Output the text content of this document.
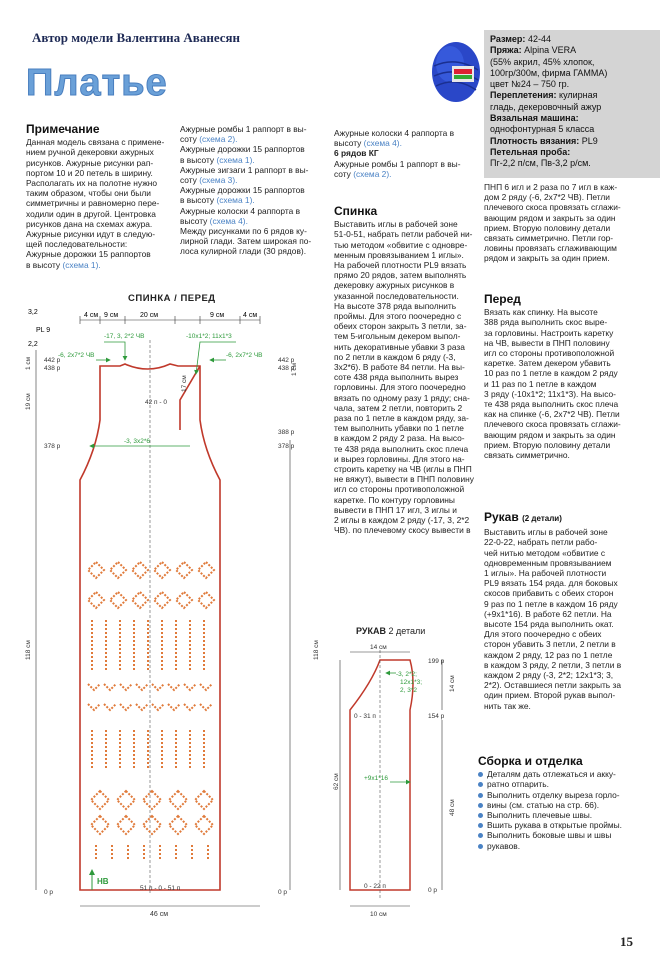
Автор модели Валентина Аванесян
Платье
Размер: 42-44
Пряжа: Alpina VERA
(55% акрил, 45% хлопок,
100гр/300м, фирма ГАММА)
цвет №24 – 750 гр.
Переплетения: кулирная
гладь, декеровочный ажур
Вязальная машина:
однофонтурная 5 класса
Плотность вязания: PL9
Петельная проба:
Пг-2,2 п/см, Пв-3,2 р/см.
Примечание

Данная модель связана с примене-

нием ручной декеровки ажурных

рисунков. Ажурные рисунки рап-

портом 10 и 20 петель в ширину.

Располагать их на полотне нужно

таким образом, чтобы они были

симметричны и равномерно пере-

ходили один в другой. Центровка

рисунков дана на схемах ажура.

Ажурные рисунки идут в следую-

щей последовательности:

Ажурные дорожки 15 раппортов

в высоту (схема 1).

Ажурные ромбы 1 раппорт в вы-

соту (схема 2).

Ажурные дорожки 15 раппортов

в высоту (схема 1).

Ажурные зигзаги 1 раппорт в вы-

соту (схема 3).

Ажурные дорожки 15 раппортов

в высоту (схема 1).

Ажурные колоски 4 раппорта в

высоту (схема 4).

Между рисунками по 6 рядов ку-

лирной глади. Затем широкая по-

лоса кулирной глади (30 рядов).

Ажурные колоски 4 раппорта в

высоту (схема 4).

6 рядов КГ

Ажурные ромбы 1 раппорт в вы-

соту (схема 2).

Спинка

Выставить иглы в рабочей зоне

51-0-51, набрать петли рабочей ни-

тью методом «обвитие с одновре-

менным провязыванием 1 иглы».

На рабочей плотности PL9 вязать

прямо 20 рядов, затем выполнять

декеровку ажурных рисунков в

указанной последовательности.

На высоте 378 ряда выполнить

проймы. Для этого поочередно с

обеих сторон закрыть 3 петли, за-

тем 5-игольным декером выпол-

нить декоративные убавки 3 раза

по 2 петли в каждом 6 ряду (-3,

3х2*6). В работе 84 петли. На вы-

соте 438 ряда выполнить вырез

горловины. Для этого поочередно

вязать по одному разу 1 ряду; сна-

чала, затем 2 петли, повторить 2

раза по 1 петле в каждом ряду, за-

тем выполнить убавки по 1 петле

в каждом 2 ряду 2 раза. На высо-

те 438 ряда выполнить скос плеча

и вырез горловины. Для этого на-

строить каретку на ЧВ (иглы в ПНП

не вяжут), вывести в ПНП половину

игл со стороны противоположной

каретке. По контуру горловины

вывести в ПНП 17 игл, 3 иглы и

2 иглы в каждом 2 ряду (-17, 3, 2*2

ЧВ). по плечевому скосу вывести в

ПНП 6 игл и 2 раза по 7 игл в каж-

дом 2 ряду (-6, 2х7*2 ЧВ). Петли

плечевого скоса провязать сглажи-

вающим рядом и закрыть за один

прием. Вторую половину детали

связать симметрично. Петли гор-

ловины провязать сглаживающим

рядом и закрыть за один прием.

Перед

Вязать как спинку. На высоте

388 ряда выполнить скос выре-

за горловины. Настроить каретку

на ЧВ, вывести в ПНП половину

игл со стороны противоположной

каретке. Затем декером убавить

10 раз по 1 петле в каждом 2 ряду

и 11 раз по 1 петле в каждом

3 ряду (-10х1*2; 11х1*3). На высо-

те 438 ряда выполнить скос плеча

как на спинке (-6, 2х7*2 ЧВ). Петли

плечевого скоса провязать сглажи-

вающим рядом и закрыть за один

прием. Вторую половину детали

связать симметрично.

Рукав (2 детали)

Выставить иглы в рабочей зоне

22-0-22, набрать петли рабо-

чей нитью методом «обвитие с

одновременным провязыванием

1 иглы». На рабочей плотности

PL9 вязать 154 ряда. для боковых

скосов прибавить с обеих сторон

9 раз по 1 петле в каждом 16 ряду

(+9х1*16). В работе 62 петли. На

высоте 154 ряда выполнить окат.

Для этого поочередно с обеих

сторон убавить 3 петли, 2 петли в

каждом 2 ряду, 12 раз по 1 петле

в каждом 3 ряду, 2 петли, 3 петли в

каждом 2 ряду (-3, 2*2; 12х1*3; 3,

2*2). Оставшиеся петли закрыть за

один прием. Второй рукав выпол-

нить так же.

Сборка и отделка
Деталям дать отлежаться и акку-
ратно отпарить.
Выполнить отделку выреза горло-
вины (см. статью на стр. 66).
Выполнить плечевые швы.
Вшить рукава в открытые проймы.
Выполнить боковые швы и швы
рукавов.
СПИНКА / ПЕРЕД
4 см 9 см	20 см	9 см	4 см
3,2
PL 9
2,2
-17, 3, 2*2 ЧВ	-10х1*2; 11х1*3
-6, 2х7*2 ЧВ	-6, 2х7*2 ЧВ
-3, 3х2*6
442 р
438 р
442 р
438 р
378 р	378 р
388 р
42 п - 0
0 р	0 р
51 п - 0 - 51 п
46 см
1 см
19 см
17 см
1 см
118 см	118 см
НВ
РУКАВ 2 детали
14 см
199 р
14 см
0 - 31 п	154 р
62 см
48 см
0 - 22 п
0 р
10 см
-3, 2*2;
12х1*3;
2, 3*2
+9х1*16
15
